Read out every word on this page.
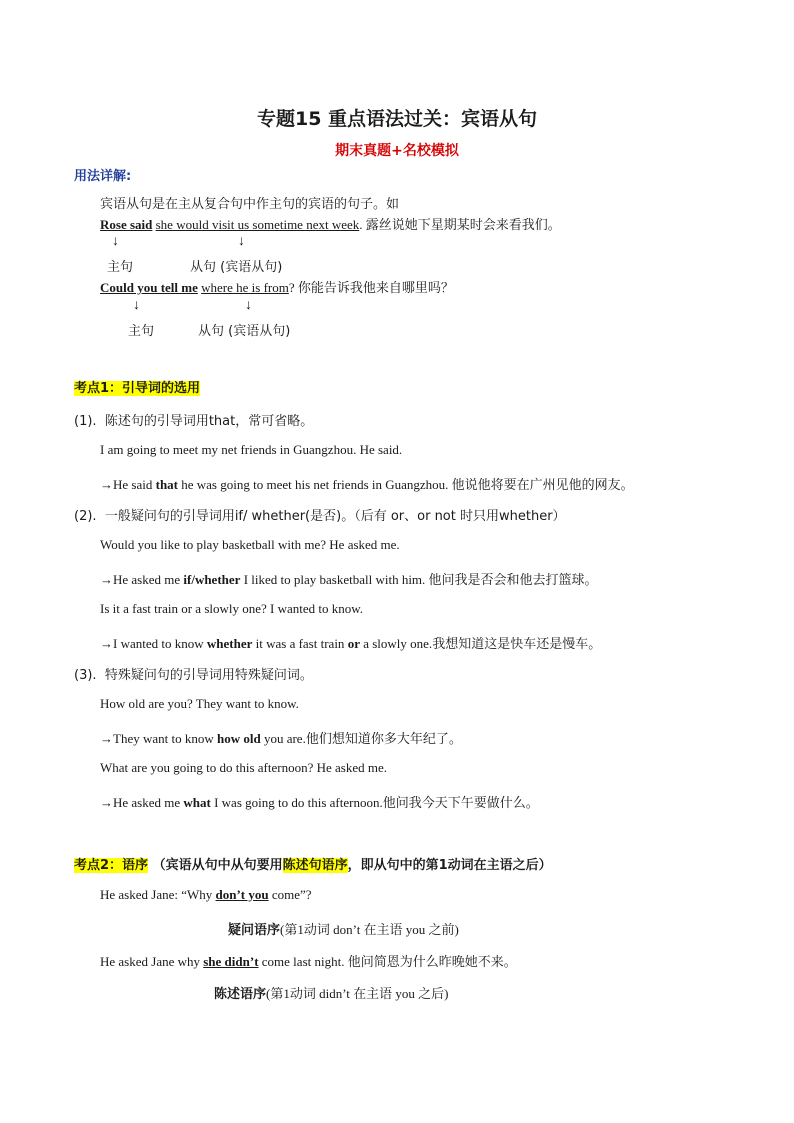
专题15 重点语法过关：宾语从句
期末真题+名校模拟
用法详解:
宾语从句是在主从复合句中作主句的宾语的句子。如
Rose said she would visit us sometime next week. 露丝说她下星期某时会来看我们。
↓	↓
主句	从句 (宾语从句)
Could you tell me where he is from? 你能告诉我他来自哪里吗？
↓	↓
主句	从句 (宾语从句)
考点1：引导词的选用
(1). 陈述句的引导词用that，常可省略。
I am going to meet my net friends in Guangzhou. He said.
→He said that he was going to meet his net friends in Guangzhou. 他说他将要在广州见他的网友。
(2). 一般疑问句的引导词用if/ whether(是否)。（后有 or、or not 时只用whether）
Would you like to play basketball with me? He asked me.
→He asked me if/whether I liked to play basketball with him. 他问我是否会和他去打篮球。
Is it a fast train or a slowly one? I wanted to know.
→I wanted to know whether it was a fast train or a slowly one.我想知道这是快车还是慢车。
(3). 特殊疑问句的引导词用特殊疑问词。
How old are you? They want to know.
→They want to know how old you are.他们想知道你多大年纪了。
What are you going to do this afternoon? He asked me.
→He asked me what I was going to do this afternoon.他问我今天下午要做什么。
考点2：语序 （宾语从句中从句要用陈述句语序，即从句中的第1动词在主语之后）
He asked Jane: “Why don’t you come”?
疑问语序(第1动词 don’t 在主语 you 之前)
He asked Jane why she didn’t come last night. 他问简恩为什么昨晚她不来。
陈述语序(第1动词 didn’t 在主语 you 之后)
